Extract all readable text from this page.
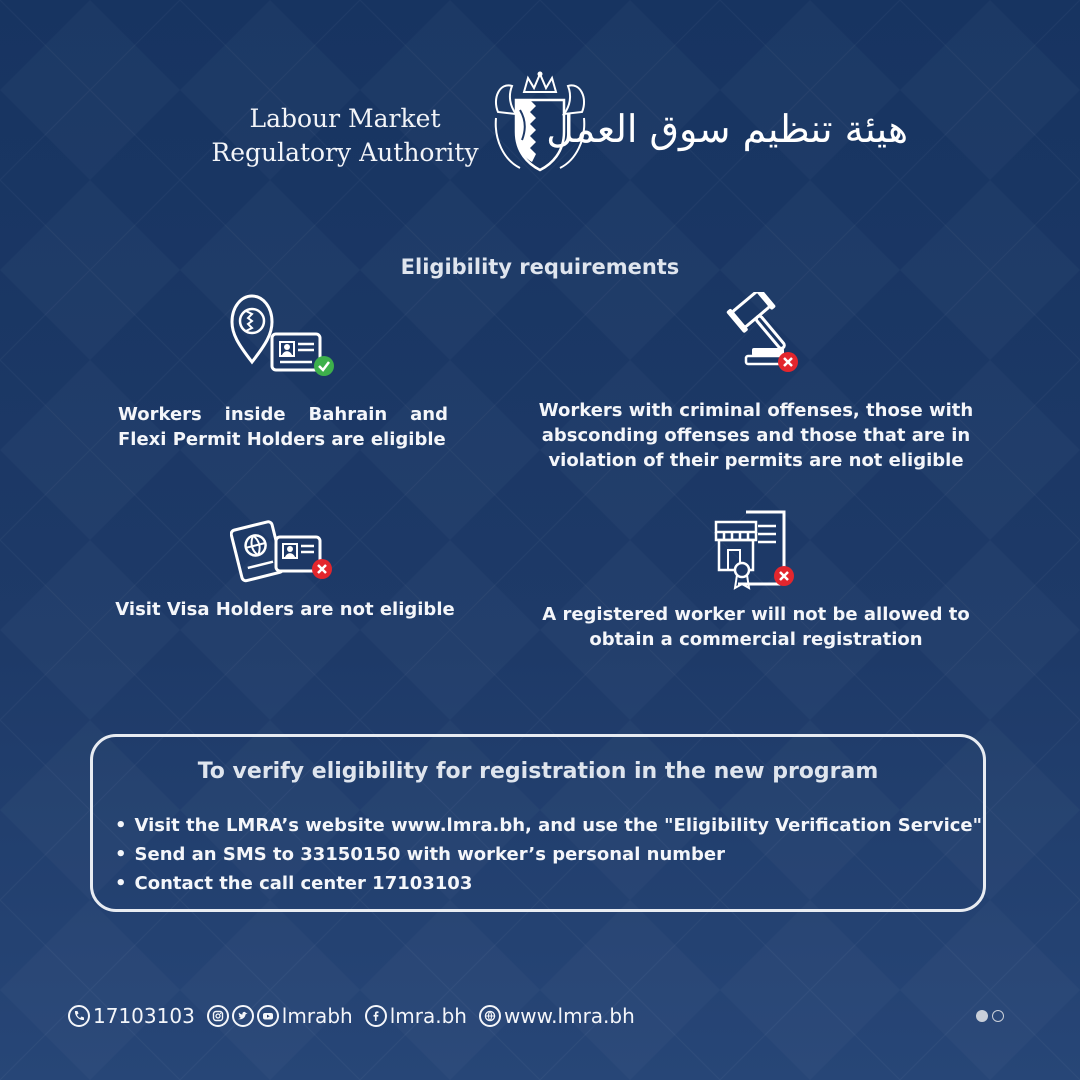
Labour Market
Regulatory Authority
هيئة تنظيم سوق العمل
Eligibility requirements
Workers inside Bahrain and Flexi Permit Holders are eligible
Workers with criminal offenses, those with absconding offenses and those that are in violation of their permits are not eligible
Visit Visa Holders are not eligible	A registered worker will not be allowed to obtain a commercial registration
To verify eligibility for registration in the new program
• Visit the LMRA’s website www.lmra.bh, and use the "Eligibility Verification Service"
• Send an SMS to 33150150 with worker’s personal number
• Contact the call center 17103103
17103103	lmrabh lmra.bh www.lmra.bh
